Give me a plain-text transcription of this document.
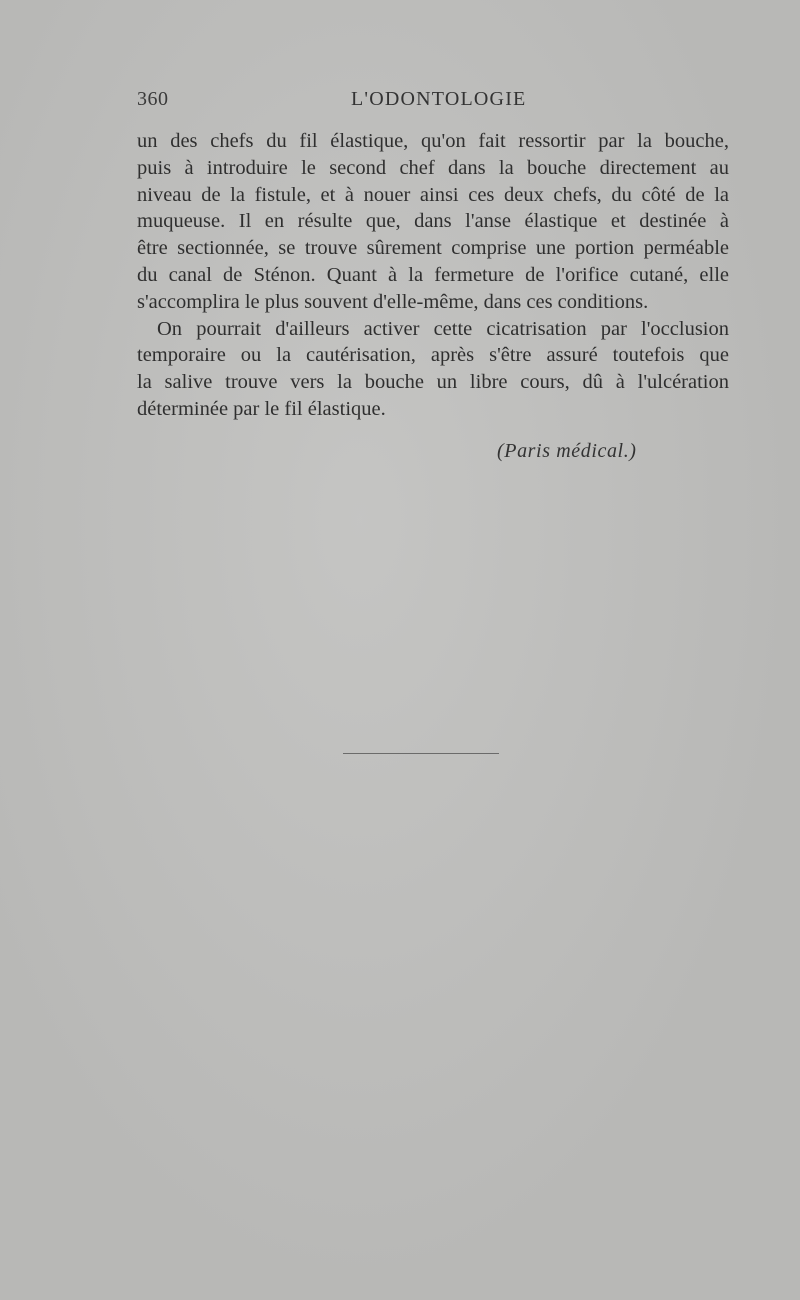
360	L'ODONTOLOGIE
un des chefs du fil élastique, qu'on fait ressortir par la bouche,
puis à introduire le second chef dans la bouche directement au
niveau de la fistule, et à nouer ainsi ces deux chefs, du côté de la
muqueuse. Il en résulte que, dans l'anse élastique et destinée à
être sectionnée, se trouve sûrement comprise une portion perméable
du canal de Sténon. Quant à la fermeture de l'orifice cutané, elle
s'accomplira le plus souvent d'elle-même, dans ces conditions.
On pourrait d'ailleurs activer cette cicatrisation par l'occlusion
temporaire ou la cautérisation, après s'être assuré toutefois que
la salive trouve vers la bouche un libre cours, dû à l'ulcération
déterminée par le fil élastique.
(Paris médical.)
